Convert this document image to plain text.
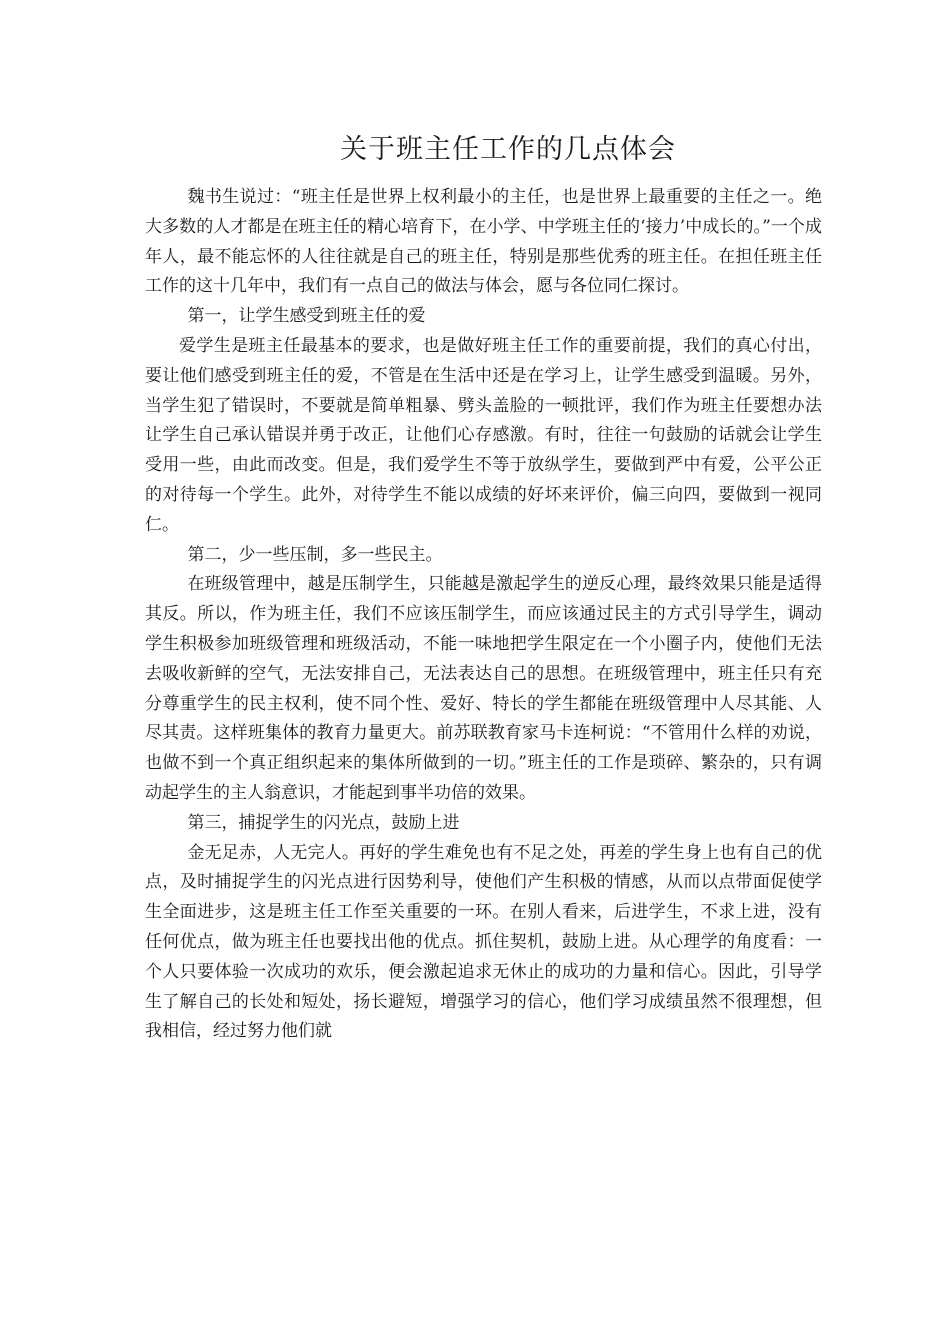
关于班主任工作的几点体会

魏书生说过：“班主任是世界上权利最小的主任，也是世界上最重要的主任之一。绝大多数的人才都是在班主任的精心培育下，在小学、中学班主任的‘接力’中成长的。”一个成年人，最不能忘怀的人往往就是自己的班主任，特别是那些优秀的班主任。在担任班主任工作的这十几年中，我们有一点自己的做法与体会，愿与各位同仁探讨。

第一，让学生感受到班主任的爱

爱学生是班主任最基本的要求，也是做好班主任工作的重要前提，我们的真心付出，要让他们感受到班主任的爱，不管是在生活中还是在学习上，让学生感受到温暖。另外，当学生犯了错误时，不要就是简单粗暴、劈头盖脸的一顿批评，我们作为班主任要想办法让学生自己承认错误并勇于改正，让他们心存感激。有时，往往一句鼓励的话就会让学生受用一些，由此而改变。但是，我们爱学生不等于放纵学生，要做到严中有爱，公平公正的对待每一个学生。此外，对待学生不能以成绩的好坏来评价，偏三向四，要做到一视同仁。

第二，少一些压制，多一些民主。

在班级管理中，越是压制学生，只能越是激起学生的逆反心理，最终效果只能是适得其反。所以，作为班主任，我们不应该压制学生，而应该通过民主的方式引导学生，调动学生积极参加班级管理和班级活动，不能一味地把学生限定在一个小圈子内，使他们无法去吸收新鲜的空气，无法安排自己，无法表达自己的思想。在班级管理中，班主任只有充分尊重学生的民主权利，使不同个性、爱好、特长的学生都能在班级管理中人尽其能、人尽其责。这样班集体的教育力量更大。前苏联教育家马卡连柯说：“不管用什么样的劝说，也做不到一个真正组织起来的集体所做到的一切。”班主任的工作是琐碎、繁杂的，只有调动起学生的主人翁意识，才能起到事半功倍的效果。

第三，捕捉学生的闪光点，鼓励上进

金无足赤，人无完人。再好的学生难免也有不足之处，再差的学生身上也有自己的优点，及时捕捉学生的闪光点进行因势利导，使他们产生积极的情感，从而以点带面促使学生全面进步，这是班主任工作至关重要的一环。在别人看来，后进学生，不求上进，没有任何优点，做为班主任也要找出他的优点。抓住契机，鼓励上进。从心理学的角度看：一个人只要体验一次成功的欢乐，便会激起追求无休止的成功的力量和信心。因此，引导学生了解自己的长处和短处，扬长避短，增强学习的信心，他们学习成绩虽然不很理想，但我相信，经过努力他们就
